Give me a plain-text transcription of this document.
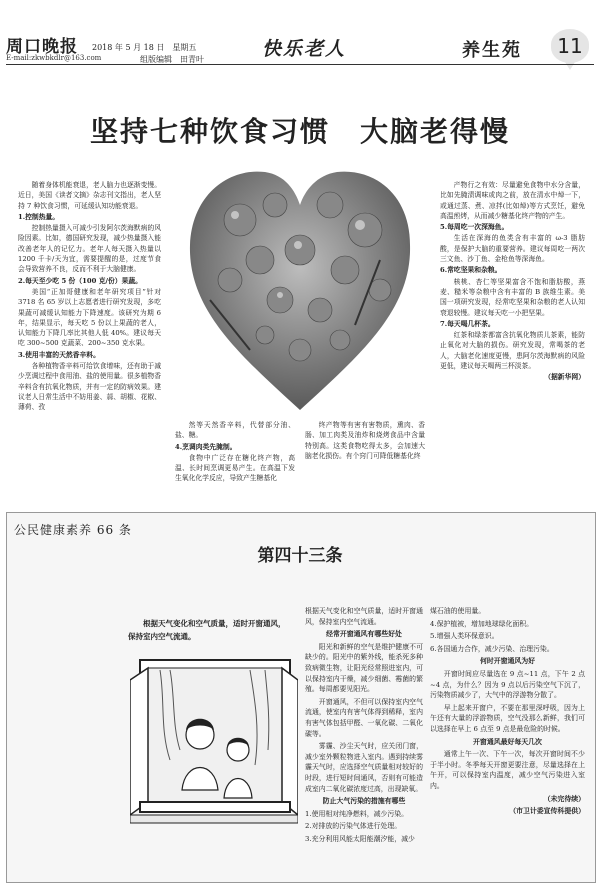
周口晚报
E-mail:zkwbkdlr@163.com
2018 年 5 月 18 日　星期五
组版编辑　田青叶	快乐老人	养生苑	11
坚持七种饮食习惯　大脑老得慢

随着身体机能衰退，老人脑力也逐渐变慢。近日，美国《读者文摘》杂志刊文指出，老人坚持 7 种饮食习惯，可延缓认知功能衰退。

1.控制热量。

控制热量摄入可减少引发阿尔茨海默病的风险因素。比如，德国研究发现，减少热量摄入能改善老年人的记忆力。老年人每天摄入热量以 1200 千卡/天为宜，需要提醒的是，过度节食会导致营养不良，反而不利于大脑健康。

2.每天至少吃 5 份（100 克/份）果蔬。

美国“正加哥健康和老年研究项目”针对 3718 名 65 岁以上志愿者进行研究发现，多吃果蔬可减缓认知能力下降速度。该研究为期 6 年，结果显示，每天吃 5 份以上果蔬的老人，认知能力下降几率比其他人低 40%。建议每天吃 300~500 克蔬菜、200~350 克水果。

3.使用丰富的天然香辛料。

各种植物香辛料可给饮食增味，还有助于减少烹调过程中食用油、盐的使用量。很多植物香辛料含有抗氧化物质，并有一定的防病效果。建议老人日常生活中不妨用姜、蒜、胡椒、花椒、薄荷、孜

然等天然香辛料，代替部分油、盐、糖。

4.烹调肉类先腌制。

食物中广泛存在糖化终产物，高温、长时间烹调更易产生。在高温下发生氧化化学反应，导致产生糖基化

终产物等有害有害物质，熏肉、香肠、加工肉类及油炸和烧烤食品中含量特别高。这类食物吃得太多，会加速大脑老化损伤。有个窍门可降低糖基化终

产物行之有效：尽量避免食物中水分含量，比如先腌渍调味或肉之前，放在清水中焯一下，或通过蒸、煮、凉拌(比如焯)等方式烹饪，避免高温煎烤，从而减少糖基化终产物的产生。

5.每周吃一次深海鱼。

生活在深海的鱼类含有丰富的 ω-3 脂肪酸，是保护大脑的重要营养。建议每周吃一两次三文鱼、沙丁鱼、金枪鱼等深海鱼。

6.常吃坚果和杂粮。

核桃、杏仁等坚果富含不饱和脂肪酸，燕麦、糙米等杂粮中含有丰富的 B 族维生素。美国一项研究发现，经常吃坚果和杂粮的老人认知衰退较慢。建议每天吃一小把坚果。

7.每天喝几杯茶。

红茶和绿茶都富含抗氧化物质儿茶素，能防止氧化对大脑的损伤。研究发现，常喝茶的老人，大脑老化速度更慢，患阿尔茨海默病的风险更低，建议每天喝两三杯淡茶。

（据新华网）

公民健康素养 66 条
第四十三条
根据天气变化和空气质量，适时开窗通风，保持室内空气流通。

根据天气变化和空气质量，适时开窗通风，保持室内空气流通。

经常开窗通风有哪些好处

阳光和新鲜的空气是维护健康不可缺少的。阳光中的紫外线，能杀死多种致病微生物，让阳光经常照进室内，可以保持室内干燥，减少细菌、霉菌的繁殖。每周都要见阳光。

开窗通风，不但可以保持室内空气流通，使室内有害气体得到稀释，室内有害气体包括甲醛、一氧化碳、二氧化碳等。

雾霾、沙尘天气时，应关闭门窗，减少室外颗粒物进入室内。遇到持续雾霾天气时，应选择空气质量相对较好的时段，进行短时间通风，否则有可能造成室内二氧化碳浓度过高，出现缺氧。

防止大气污染的措施有哪些

1.使用相对纯净燃料，减少污染。

2.对排放的污染气体进行处理。

3.充分利用风能太阳能潮汐能，减少

煤石油的使用量。

4.保护植被，增加地球绿化面积。

5.增强人类环保意识。

6.各国通力合作，减少污染、治理污染。

何时开窗通风为好

开窗时间应尽量选在 9 点~11 点，下午 2 点~4 点，为什么？因为 9 点以后污染空气下沉了，污染物质减少了，大气中的浮游物分散了。

早上起来开窗户，不要在那里深呼吸，因为上午还有大量的浮游物质，空气没那么新鲜，我们可以选择在早上 6 点至 9 点是最危险的时候。

开窗通风最好每天几次

通常上午一次、下午一次，每次开窗时间不少于半小时。冬季每天开窗更要注意，尽量选择在上午开，可以保持室内温度，减少空气污染进入室内。

（未完待续）

（市卫计委宣传科提供）
